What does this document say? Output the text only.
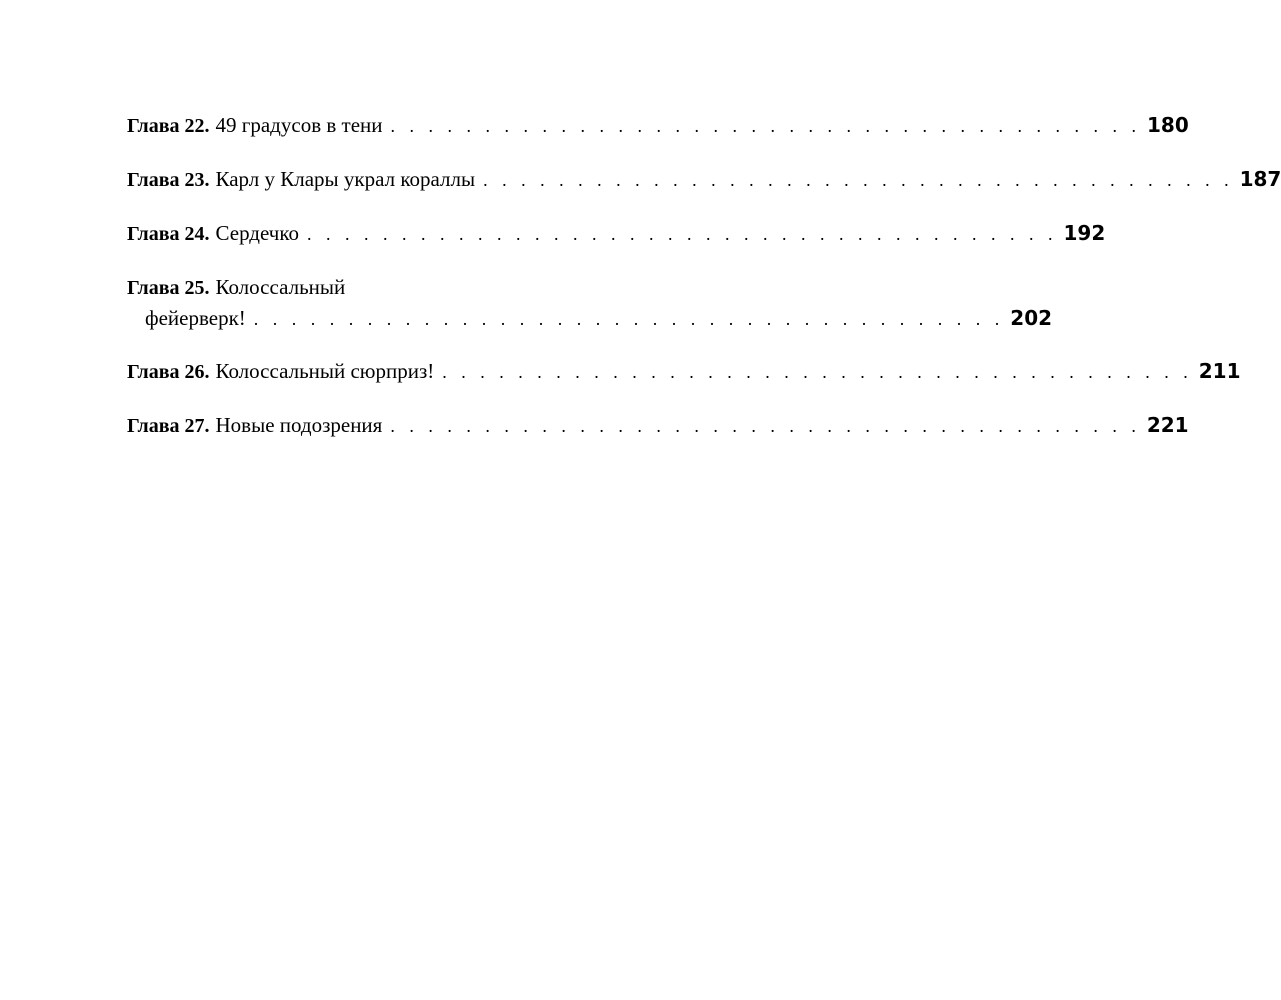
Глава 22. 49 градусов в тени . . . . . . . . . . . . . . . . . . . . . . . . . . . . . . . . . . . . . . . . 180
Глава 23. Карл у Клары украл кораллы . . . . . . . . . . . . . . . . . . . . . . . . . . . . . . . . . . . . . . . . 187
Глава 24. Сердечко . . . . . . . . . . . . . . . . . . . . . . . . . . . . . . . . . . . . . . . . 192
Глава 25. Колоссальный
фейерверк! . . . . . . . . . . . . . . . . . . . . . . . . . . . . . . . . . . . . . . . . 202
Глава 26. Колоссальный сюрприз! . . . . . . . . . . . . . . . . . . . . . . . . . . . . . . . . . . . . . . . . 211
Глава 27. Новые подозрения . . . . . . . . . . . . . . . . . . . . . . . . . . . . . . . . . . . . . . . . 221
